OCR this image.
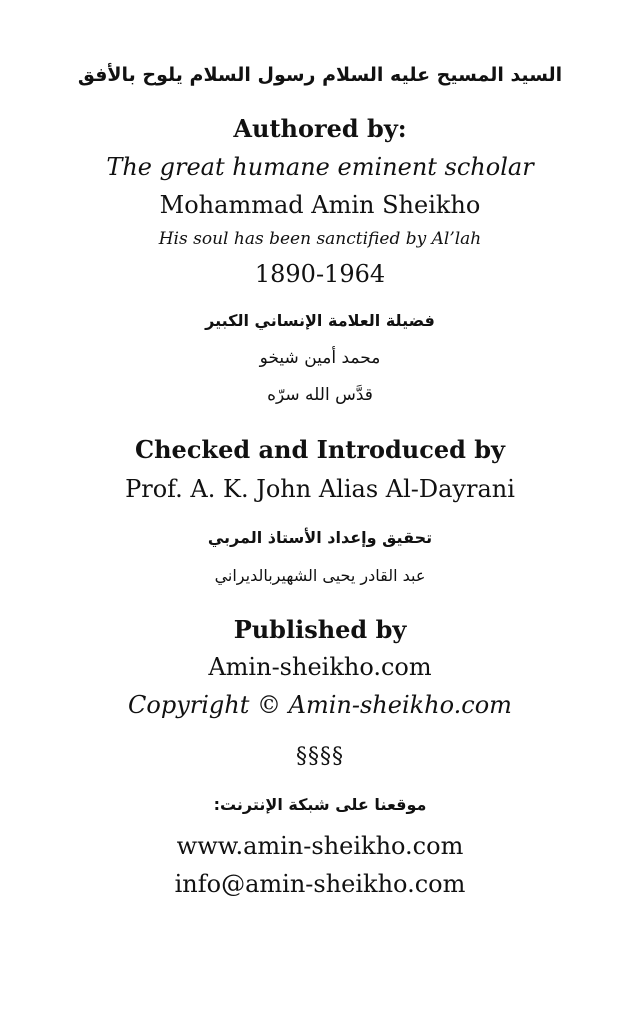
السيد المسيح عليه السلام رسول السلام يلوح بالأفق
Authored by:
The great humane eminent scholar
Mohammad Amin Sheikho
His soul has been sanctified by Al’lah
1890-1964
فضيلة العلامة الإنساني الكبير
محمد أمين شيخو
قدَّس الله سرّه
Checked and Introduced by
Prof. A. K. John Alias Al-Dayrani
تحقيق وإعداد الأستاذ المربي
عبد القادر يحيى الشهيربالديراني
Published by
Amin-sheikho.com
Copyright © Amin-sheikho.com
§§§§
موقعنا على شبكة الإنترنت:
www.amin-sheikho.com
info@amin-sheikho.com
